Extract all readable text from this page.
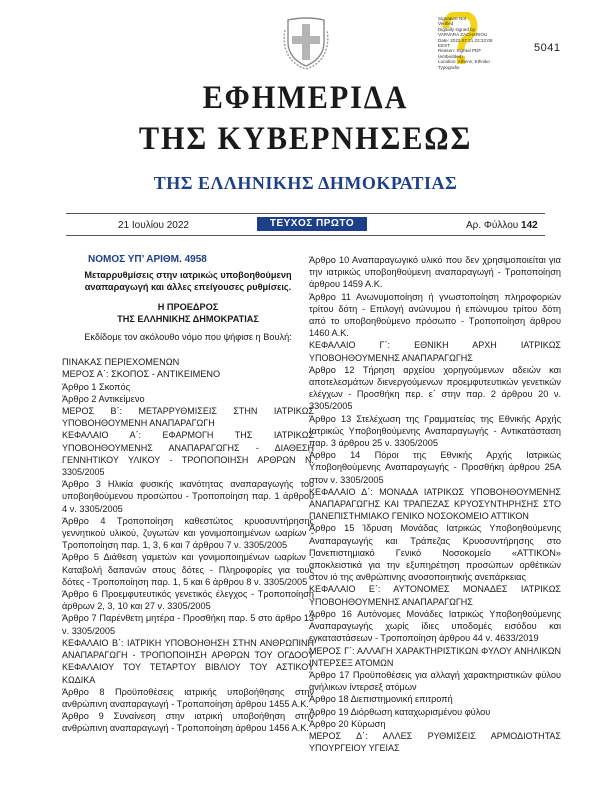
Signature Not
Verified
Digitally signed by
VARVARA ZACHARIOU
Date: 2022.07.21 22:32:08
EEST
Reason: Signed PDF
(embedded)
Location: Athens, Ethniko
Typografio
5041
ΕΦΗΜΕΡΙΔΑ
ΤΗΣ ΚΥΒΕΡΝΗΣΕΩΣ
ΤΗΣ ΕΛΛΗΝΙΚΗΣ ΔΗΜΟΚΡΑΤΙΑΣ
21 Ιουλίου 2022	ΤΕΥΧΟΣ ΠΡΩΤΟ	Αρ. Φύλλου 142

ΝΟΜΟΣ ΥΠ’ ΑΡΙΘΜ. 4958

Μεταρρυθμίσεις στην ιατρικώς υποβοηθούμενη αναπαραγωγή και άλλες επείγουσες ρυθμίσεις.

Η ΠΡΟΕΔΡΟΣ

ΤΗΣ ΕΛΛΗΝΙΚΗΣ ΔΗΜΟΚΡΑΤΙΑΣ

Εκδίδομε τον ακόλουθο νόμο που ψήφισε η Βουλή:

ΠΙΝΑΚΑΣ ΠΕΡΙΕΧΟΜΕΝΩΝ

ΜΕΡΟΣ Α΄: ΣΚΟΠΟΣ - ΑΝΤΙΚΕΙΜΕΝΟ

Άρθρο 1 Σκοπός

Άρθρο 2 Αντικείμενο

ΜΕΡΟΣ Β΄: ΜΕΤΑΡΡΥΘΜΙΣΕΙΣ ΣΤΗΝ ΙΑΤΡΙΚΩΣ ΥΠΟΒΟΗΘΟΥΜΕΝΗ ΑΝΑΠΑΡΑΓΩΓΗ

ΚΕΦΑΛΑΙΟ Α΄: ΕΦΑΡΜΟΓΗ ΤΗΣ ΙΑΤΡΙΚΩΣ ΥΠΟΒΟΗΘΟΥΜΕΝΗΣ ΑΝΑΠΑΡΑΓΩΓΗΣ - ΔΙΑΘΕΣΗ ΓΕΝΝΗΤΙΚΟΥ ΥΛΙΚΟΥ - ΤΡΟΠΟΠΟΙΗΣΗ ΑΡΘΡΩΝ Ν. 3305/2005

Άρθρο 3 Ηλικία φυσικής ικανότητας αναπαραγωγής του υποβοηθούμενου προσώπου - Τροποποίηση παρ. 1 άρθρου 4 ν. 3305/2005

Άρθρο 4 Τροποποίηση καθεστώτος κρυοσυντήρησης γεννητικού υλικού, ζυγωτών και γονιμοποιημένων ωαρίων - Τροποποίηση παρ. 1, 3, 6 και 7 άρθρου 7 ν. 3305/2005

Άρθρο 5 Διάθεση γαμετών και γονιμοποιημένων ωαρίων - Καταβολή δαπανών στους δότες - Πληροφορίες για τους δότες - Τροποποίηση παρ. 1, 5 και 6 άρθρου 8 ν. 3305/2005

Άρθρο 6 Προεμφυτευτικός γενετικός έλεγχος - Τροποποίηση άρθρων 2, 3, 10 και 27 ν. 3305/2005

Άρθρο 7 Παρένθετη μητέρα - Προσθήκη παρ. 5 στο άρθρο 13 ν. 3305/2005

ΚΕΦΑΛΑΙΟ Β΄: ΙΑΤΡΙΚΗ ΥΠΟΒΟΗΘΗΣΗ ΣΤΗΝ ΑΝΘΡΩΠΙΝΗ ΑΝΑΠΑΡΑΓΩΓΗ - ΤΡΟΠΟΠΟΙΗΣΗ ΑΡΘΡΩΝ ΤΟΥ ΟΓΔΟΟΥ ΚΕΦΑΛΑΙΟΥ ΤΟΥ ΤΕΤΑΡΤΟΥ ΒΙΒΛΙΟΥ ΤΟΥ ΑΣΤΙΚΟΥ ΚΩΔΙΚΑ

Άρθρο 8 Προϋποθέσεις ιατρικής υποβοήθησης στην ανθρώπινη αναπαραγωγή - Τροποποίηση άρθρου 1455 Α.Κ.

Άρθρο 9 Συναίνεση στην ιατρική υποβοήθηση στην ανθρώπινη αναπαραγωγή - Τροποποίηση άρθρου 1456 Α.Κ.

Άρθρο 10 Αναπαραγωγικό υλικό που δεν χρησιμοποιείται για την ιατρικώς υποβοηθούμενη αναπαραγωγή - Τροποποίηση άρθρου 1459 Α.Κ.

Άρθρο 11 Ανωνυμοποίηση ή γνωστοποίηση πληροφοριών τρίτου δότη - Επιλογή ανώνυμου ή επώνυμου τρίτου δότη από το υποβοηθούμενο πρόσωπο - Τροποποίηση άρθρου 1460 Α.Κ.

ΚΕΦΑΛΑΙΟ Γ΄: ΕΘΝΙΚΗ ΑΡΧΗ ΙΑΤΡΙΚΩΣ ΥΠΟΒΟΗΘΟΥΜΕΝΗΣ ΑΝΑΠΑΡΑΓΩΓΗΣ

Άρθρο 12 Τήρηση αρχείου χορηγούμενων αδειών και αποτελεσμάτων διενεργούμενων προεμφυτευτικών γενετικών ελέγχων - Προσθήκη περ. ε΄ στην παρ. 2 άρθρου 20 ν. 3305/2005

Άρθρο 13 Στελέχωση της Γραμματείας της Εθνικής Αρχής Ιατρικώς Υποβοηθούμενης Αναπαραγωγής - Αντικατάσταση παρ. 3 άρθρου 25 ν. 3305/2005

Άρθρο 14 Πόροι της Εθνικής Αρχής Ιατρικώς Υποβοηθούμενης Αναπαραγωγής - Προσθήκη άρθρου 25Α στον ν. 3305/2005

ΚΕΦΑΛΑΙΟ Δ΄: ΜΟΝΑΔΑ ΙΑΤΡΙΚΩΣ ΥΠΟΒΟΗΘΟΥΜΕΝΗΣ ΑΝΑΠΑΡΑΓΩΓΗΣ ΚΑΙ ΤΡΑΠΕΖΑΣ ΚΡΥΟΣΥΝΤΗΡΗΣΗΣ ΣΤΟ ΠΑΝΕΠΙΣΤΗΜΙΑΚΟ ΓΕΝΙΚΟ ΝΟΣΟΚΟΜΕΙΟ ΑΤΤΙΚΟΝ

Άρθρο 15 Ίδρυση Μονάδας Ιατρικώς Υποβοηθούμενης Αναπαραγωγής και Τράπεζας Κρυοσυντήρησης στο Πανεπιστημιακό Γενικό Νοσοκομείο «ΑΤΤΙΚΟΝ» αποκλειστικά για την εξυπηρέτηση προσώπων ορθέτικών στον ιό της ανθρώπινης ανοσοποιητικής ανεπάρκειας

ΚΕΦΑΛΑΙΟ Ε΄: ΑΥΤΟΝΟΜΕΣ ΜΟΝΑΔΕΣ ΙΑΤΡΙΚΩΣ ΥΠΟΒΟΗΘΟΥΜΕΝΗΣ ΑΝΑΠΑΡΑΓΩΓΗΣ

Άρθρο 16 Αυτόνομες Μονάδες Ιατρικώς Υποβοηθούμενης Αναπαραγωγής χωρίς ίδιες υποδομές εισόδου και εγκαταστάσεων - Τροποποίηση άρθρου 44 ν. 4633/2019

ΜΕΡΟΣ Γ΄: ΑΛΛΑΓΗ ΧΑΡΑΚΤΗΡΙΣΤΙΚΩΝ ΦΥΛΟΥ ΑΝΗΛΙΚΩΝ ΙΝΤΕΡΣΕΞ ΑΤΟΜΩΝ

Άρθρο 17 Προϋποθέσεις για αλλαγή χαρακτηριστικών φύλου ανήλικων ίντερσεξ ατόμων

Άρθρο 18 Διεπιστημονική επιτροπή

Άρθρο 19 Διόρθωση καταχωρισμένου φύλου

Άρθρο 20 Κύρωση

ΜΕΡΟΣ Δ΄: ΑΛΛΕΣ ΡΥΘΜΙΣΕΙΣ ΑΡΜΟΔΙΟΤΗΤΑΣ ΥΠΟΥΡΓΕΙΟΥ ΥΓΕΙΑΣ
